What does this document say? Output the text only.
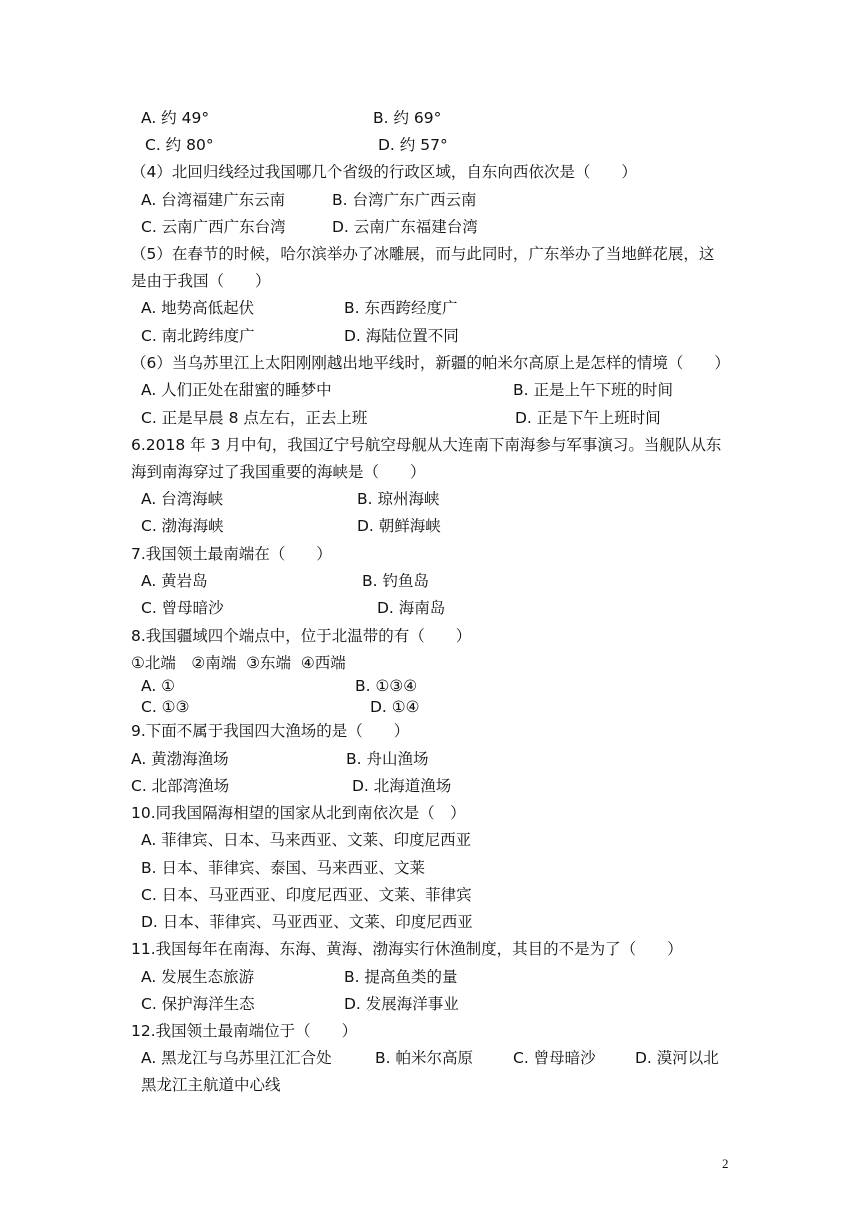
A. 约 49°	B. 约 69°
C. 约 80°	D. 约 57°
（4）北回归线经过我国哪几个省级的行政区域，自东向西依次是（　　）
A. 台湾福建广东云南	B. 台湾广东广西云南
C. 云南广西广东台湾	D. 云南广东福建台湾
（5）在春节的时候，哈尔滨举办了冰雕展，而与此同时，广东举办了当地鲜花展，这
是由于我国（　　）
A. 地势高低起伏	B. 东西跨经度广
C. 南北跨纬度广	D. 海陆位置不同
（6）当乌苏里江上太阳刚刚越出地平线时，新疆的帕米尔高原上是怎样的情境（　　）
A. 人们正处在甜蜜的睡梦中	B. 正是上午下班的时间
C. 正是早晨 8 点左右，正去上班	D. 正是下午上班时间
6.2018 年 3 月中旬，我国辽宁号航空母舰从大连南下南海参与军事演习。当舰队从东
海到南海穿过了我国重要的海峡是（　　）
A. 台湾海峡	B. 琼州海峡
C. 渤海海峡	D. 朝鲜海峡
7.我国领土最南端在（　　）
A. 黄岩岛	B. 钓鱼岛
C. 曾母暗沙	D. 海南岛
8.我国疆域四个端点中，位于北温带的有（　　）
①北端　②南端  ③东端  ④西端
A. ①	B. ①③④
C. ①③	D. ①④
9.下面不属于我国四大渔场的是（　　）
A. 黄渤海渔场	B. 舟山渔场
C. 北部湾渔场	D. 北海道渔场
10.同我国隔海相望的国家从北到南依次是（　）
A. 菲律宾、日本、马来西亚、文莱、印度尼西亚
B. 日本、菲律宾、泰国、马来西亚、文莱
C. 日本、马亚西亚、印度尼西亚、文莱、菲律宾
D. 日本、菲律宾、马亚西亚、文莱、印度尼西亚
11.我国每年在南海、东海、黄海、渤海实行休渔制度，其目的不是为了（　　）
A. 发展生态旅游	B. 提高鱼类的量
C. 保护海洋生态	D. 发展海洋事业
12.我国领土最南端位于（　　）
A. 黑龙江与乌苏里江汇合处	B. 帕米尔高原	C. 曾母暗沙	D. 漠河以北
黑龙江主航道中心线
2
